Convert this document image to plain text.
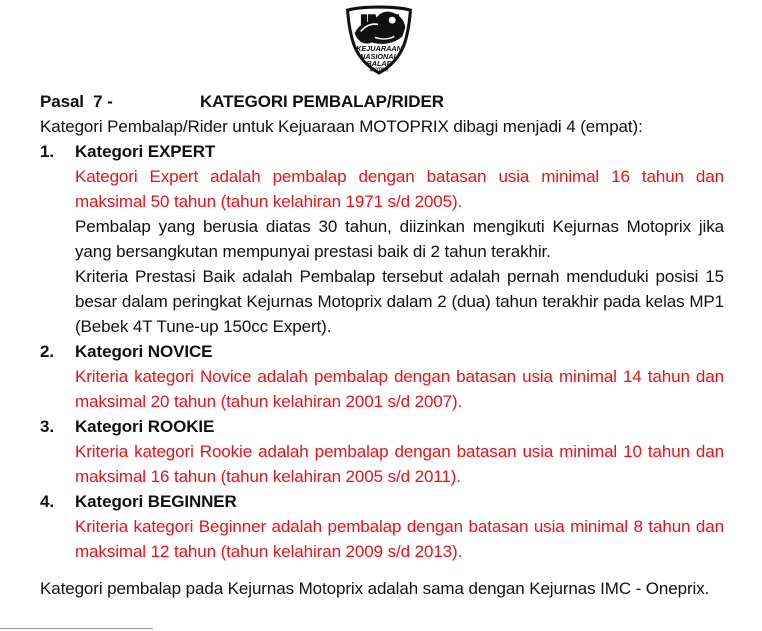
KEJUARAAN
NASIONAL
BALAP
MOTOR
Pasal  7 -	KATEGORI PEMBALAP/RIDER

Kategori Pembalap/Rider untuk Kejuaraan MOTOPRIX dibagi menjadi 4 (empat):

1.	Kategori EXPERT

Kategori Expert adalah pembalap dengan batasan usia minimal 16 tahun dan maksimal 50 tahun (tahun kelahiran 1971 s/d 2005).

Pembalap yang berusia diatas 30 tahun, diizinkan mengikuti Kejurnas Motoprix jika yang bersangkutan mempunyai prestasi baik di 2 tahun terakhir.

Kriteria Prestasi Baik adalah Pembalap tersebut adalah pernah menduduki posisi 15 besar dalam peringkat Kejurnas Motoprix dalam 2 (dua) tahun terakhir pada kelas MP1 (Bebek 4T Tune-up 150cc Expert).

2.	Kategori NOVICE

Kriteria kategori Novice adalah pembalap dengan batasan usia minimal 14 tahun dan maksimal 20 tahun (tahun kelahiran 2001 s/d 2007).

3.	Kategori ROOKIE

Kriteria kategori Rookie adalah pembalap dengan batasan usia minimal 10 tahun dan maksimal 16 tahun (tahun kelahiran 2005 s/d 2011).

4.	Kategori BEGINNER

Kriteria kategori Beginner adalah pembalap dengan batasan usia minimal 8 tahun dan maksimal 12 tahun (tahun kelahiran 2009 s/d 2013).

Kategori pembalap pada Kejurnas Motoprix adalah sama dengan Kejurnas IMC - Oneprix.
